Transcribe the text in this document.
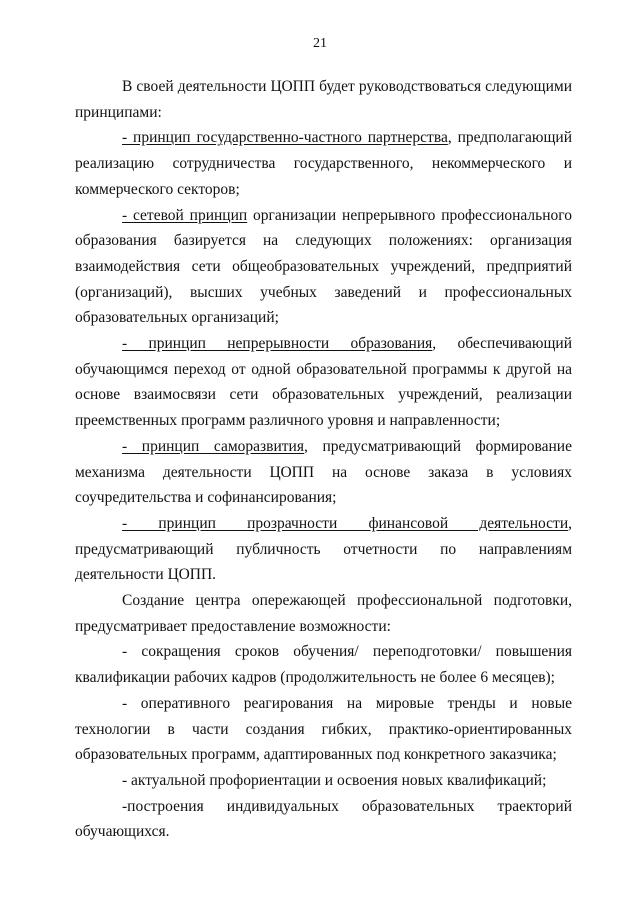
21

В своей деятельности ЦОПП будет руководствоваться следующими принципами:

- принцип государственно-частного партнерства, предполагающий реализацию сотрудничества государственного, некоммерческого и коммерческого секторов;

- сетевой принцип организации непрерывного профессионального образования базируется на следующих положениях: организация взаимодействия сети общеобразовательных учреждений, предприятий (организаций), высших учебных заведений и профессиональных образовательных организаций;

- принцип непрерывности образования, обеспечивающий обучающимся переход от одной образовательной программы к другой на основе взаимосвязи сети образовательных учреждений, реализации преемственных программ различного уровня и направленности;

- принцип саморазвития, предусматривающий формирование механизма деятельности ЦОПП на основе заказа в условиях соучредительства и софинансирования;

- принцип прозрачности финансовой деятельности, предусматривающий публичность отчетности по направлениям деятельности ЦОПП.

Создание центра опережающей профессиональной подготовки, предусматривает предоставление возможности:

- сокращения сроков обучения/ переподготовки/ повышения квалификации рабочих кадров (продолжительность не более 6 месяцев);

- оперативного реагирования на мировые тренды и новые технологии в части создания гибких, практико-ориентированных образовательных программ, адаптированных под конкретного заказчика;

- актуальной профориентации и освоения новых квалификаций;

-построения индивидуальных образовательных траекторий обучающихся.
